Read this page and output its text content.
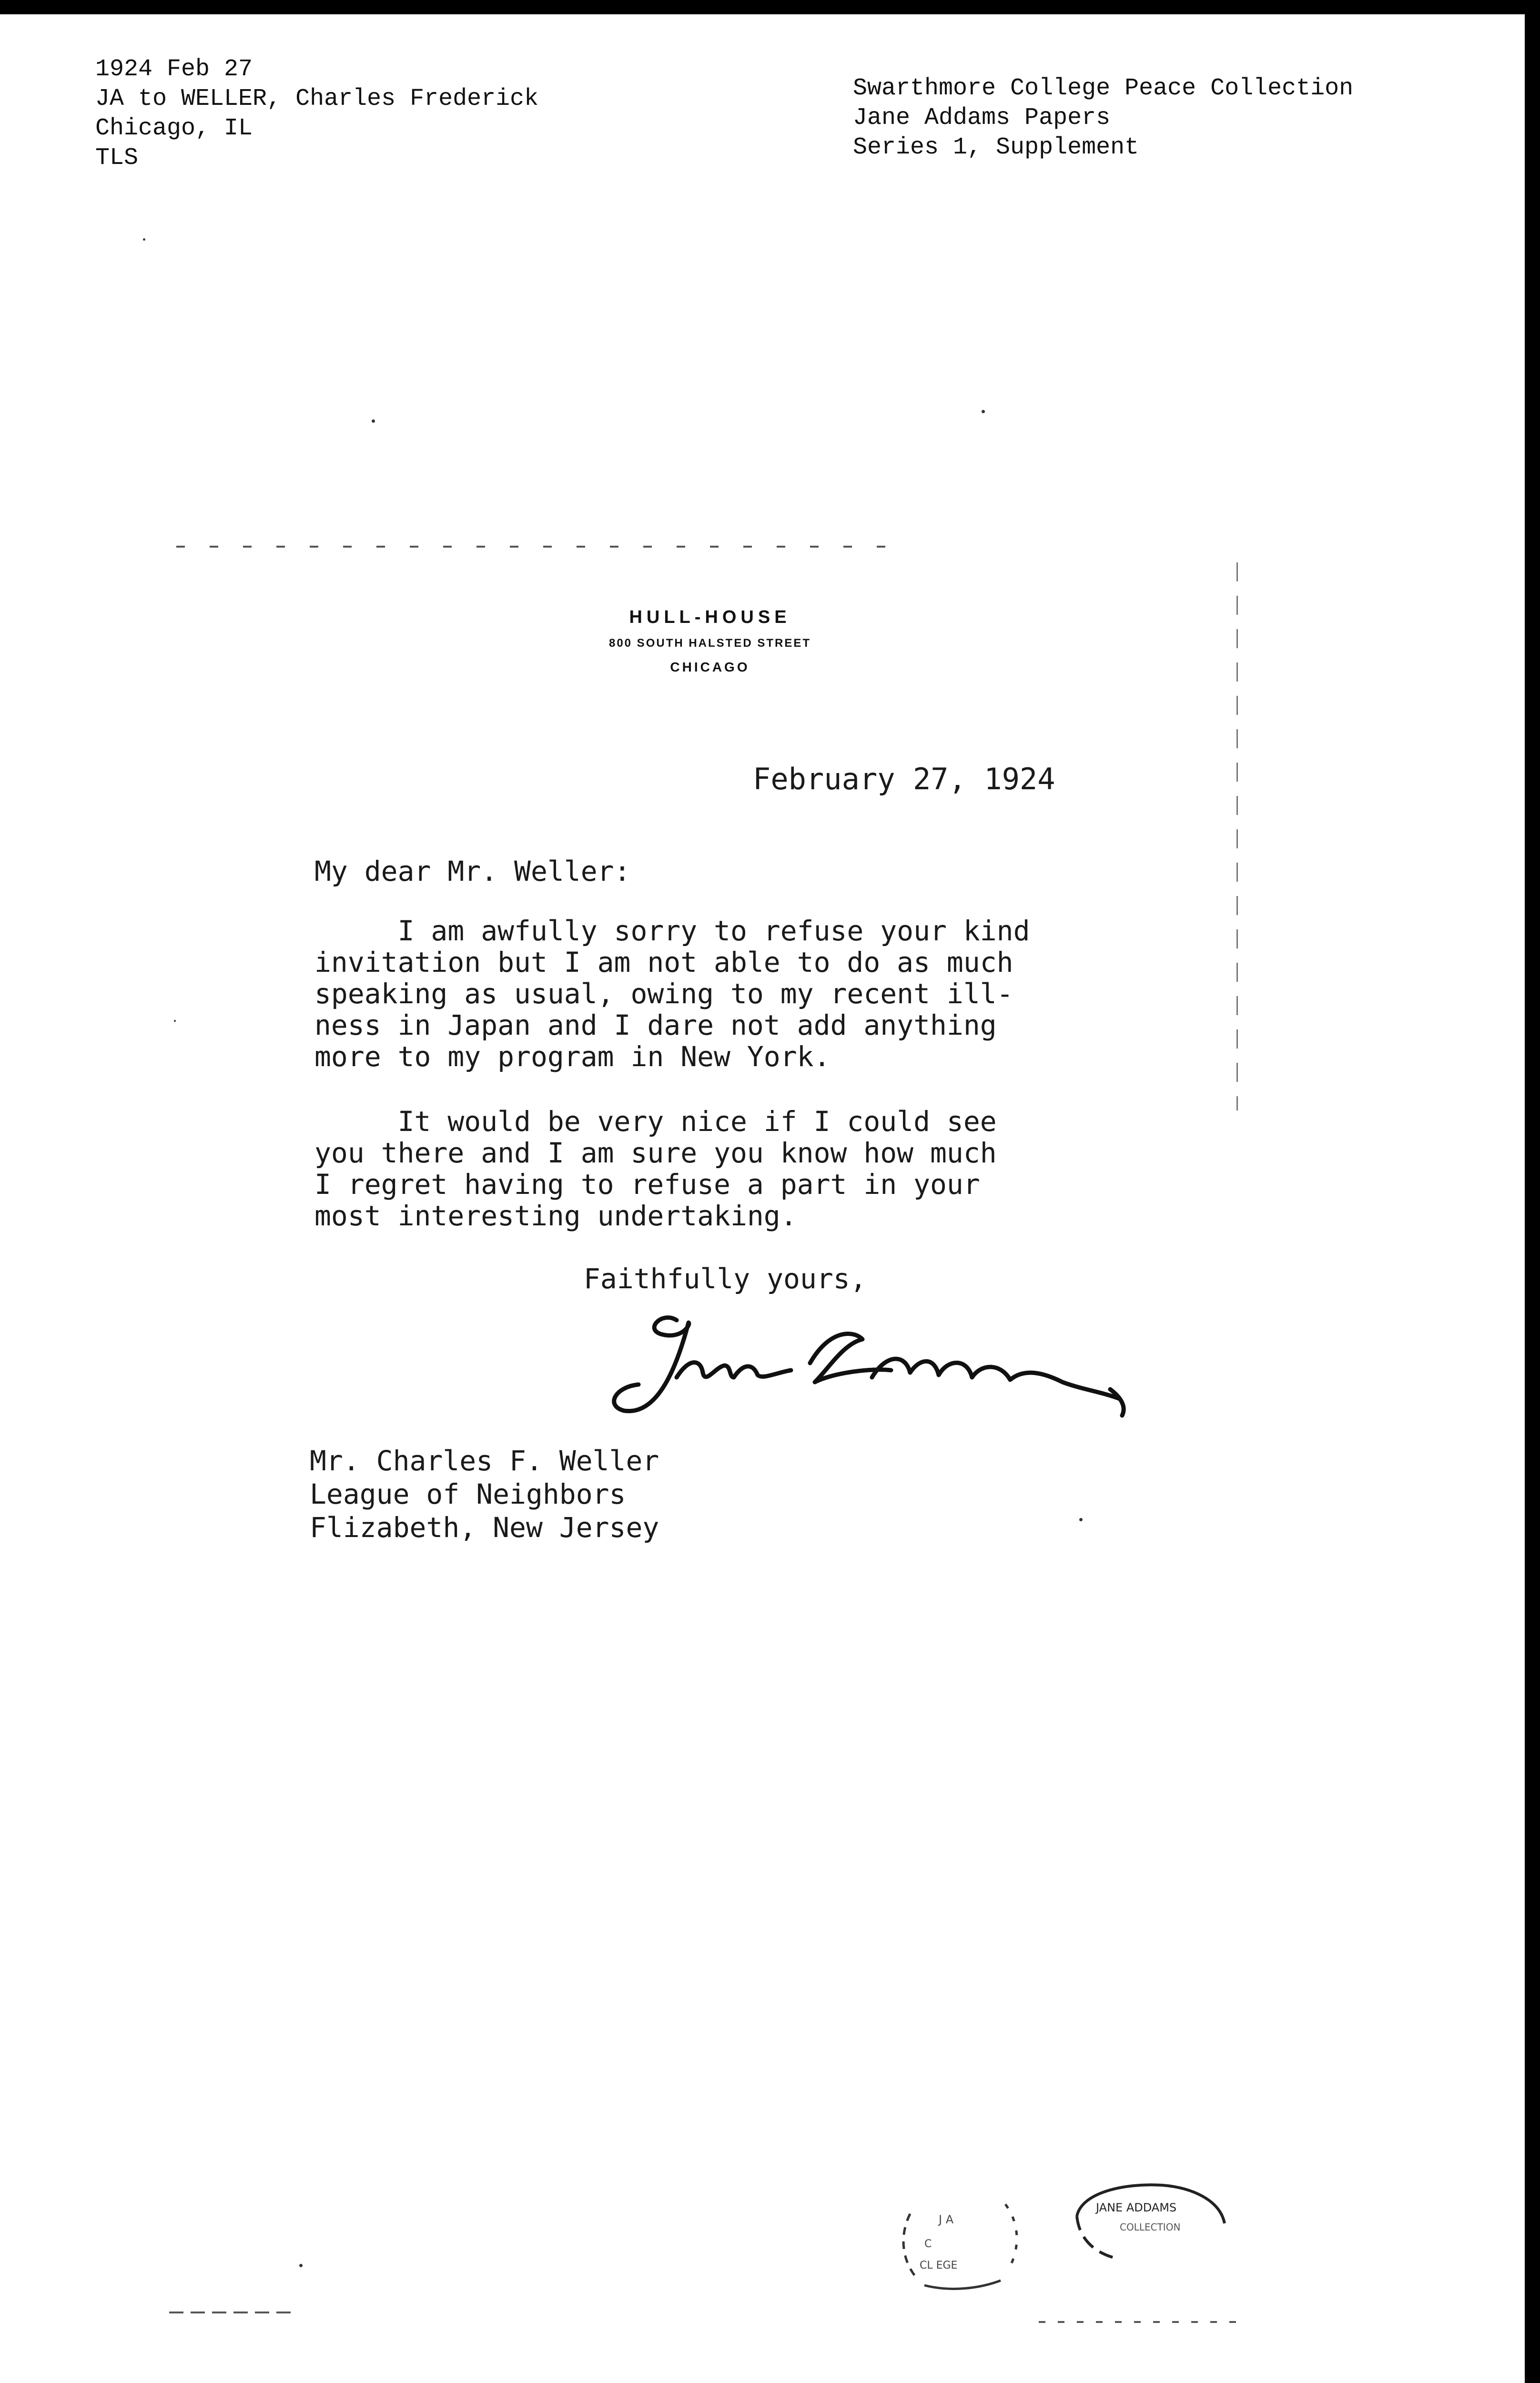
1924 Feb 27
JA to WELLER, Charles Frederick
Chicago, IL
TLS
Swarthmore College Peace Collection
Jane Addams Papers
Series 1, Supplement
HULL-HOUSE
800 SOUTH HALSTED STREET
CHICAGO
February 27, 1924
My dear Mr. Weller:
I am awfully sorry to refuse your kind
invitation but I am not able to do as much
speaking as usual, owing to my recent ill-
ness in Japan and I dare not add anything
more to my program in New York.
It would be very nice if I could see
you there and I am sure you know how much
I regret having to refuse a part in your
most interesting undertaking.
Faithfully yours,
Mr. Charles F. Weller
League of Neighbors
Flizabeth, New Jersey
J A
C
CL EGE
JANE ADDAMS
COLLECTION
